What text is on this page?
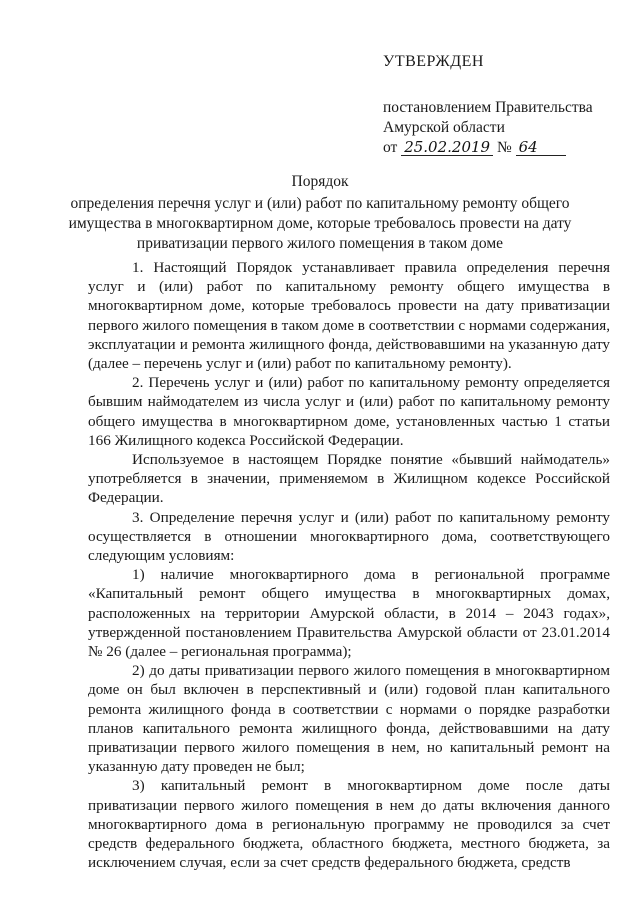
УТВЕРЖДЕН
постановлением Правительства
Амурской области
от 25.02.2019 № 64
Порядок
определения перечня услуг и (или) работ по капитальному ремонту общего имущества в многоквартирном доме, которые требовалось провести на дату приватизации первого жилого помещения в таком доме

1. Настоящий Порядок устанавливает правила определения перечня услуг и (или) работ по капитальному ремонту общего имущества в многоквартирном доме, которые требовалось провести на дату приватизации первого жилого помещения в таком доме в соответствии с нормами содержания, эксплуатации и ремонта жилищного фонда, действовавшими на указанную дату (далее – перечень услуг и (или) работ по капитальному ремонту).

2. Перечень услуг и (или) работ по капитальному ремонту определяется бывшим наймодателем из числа услуг и (или) работ по капитальному ремонту общего имущества в многоквартирном доме, установленных частью 1 статьи 166 Жилищного кодекса Российской Федерации.

Используемое в настоящем Порядке понятие «бывший наймодатель» употребляется в значении, применяемом в Жилищном кодексе Российской Федерации.

3. Определение перечня услуг и (или) работ по капитальному ремонту осуществляется в отношении многоквартирного дома, соответствующего следующим условиям:

1) наличие многоквартирного дома в региональной программе «Капитальный ремонт общего имущества в многоквартирных домах, расположенных на территории Амурской области, в 2014 – 2043 годах», утвержденной постановлением Правительства Амурской области от 23.01.2014 № 26 (далее – региональная программа);

2) до даты приватизации первого жилого помещения в многоквартирном доме он был включен в перспективный и (или) годовой план капитального ремонта жилищного фонда в соответствии с нормами о порядке разработки планов капитального ремонта жилищного фонда, действовавшими на дату приватизации первого жилого помещения в нем, но капитальный ремонт на указанную дату проведен не был;

3) капитальный ремонт в многоквартирном доме после даты приватизации первого жилого помещения в нем до даты включения данного многоквартирного дома в региональную программу не проводился за счет средств федерального бюджета, областного бюджета, местного бюджета, за исключением случая, если за счет средств федерального бюджета, средств
